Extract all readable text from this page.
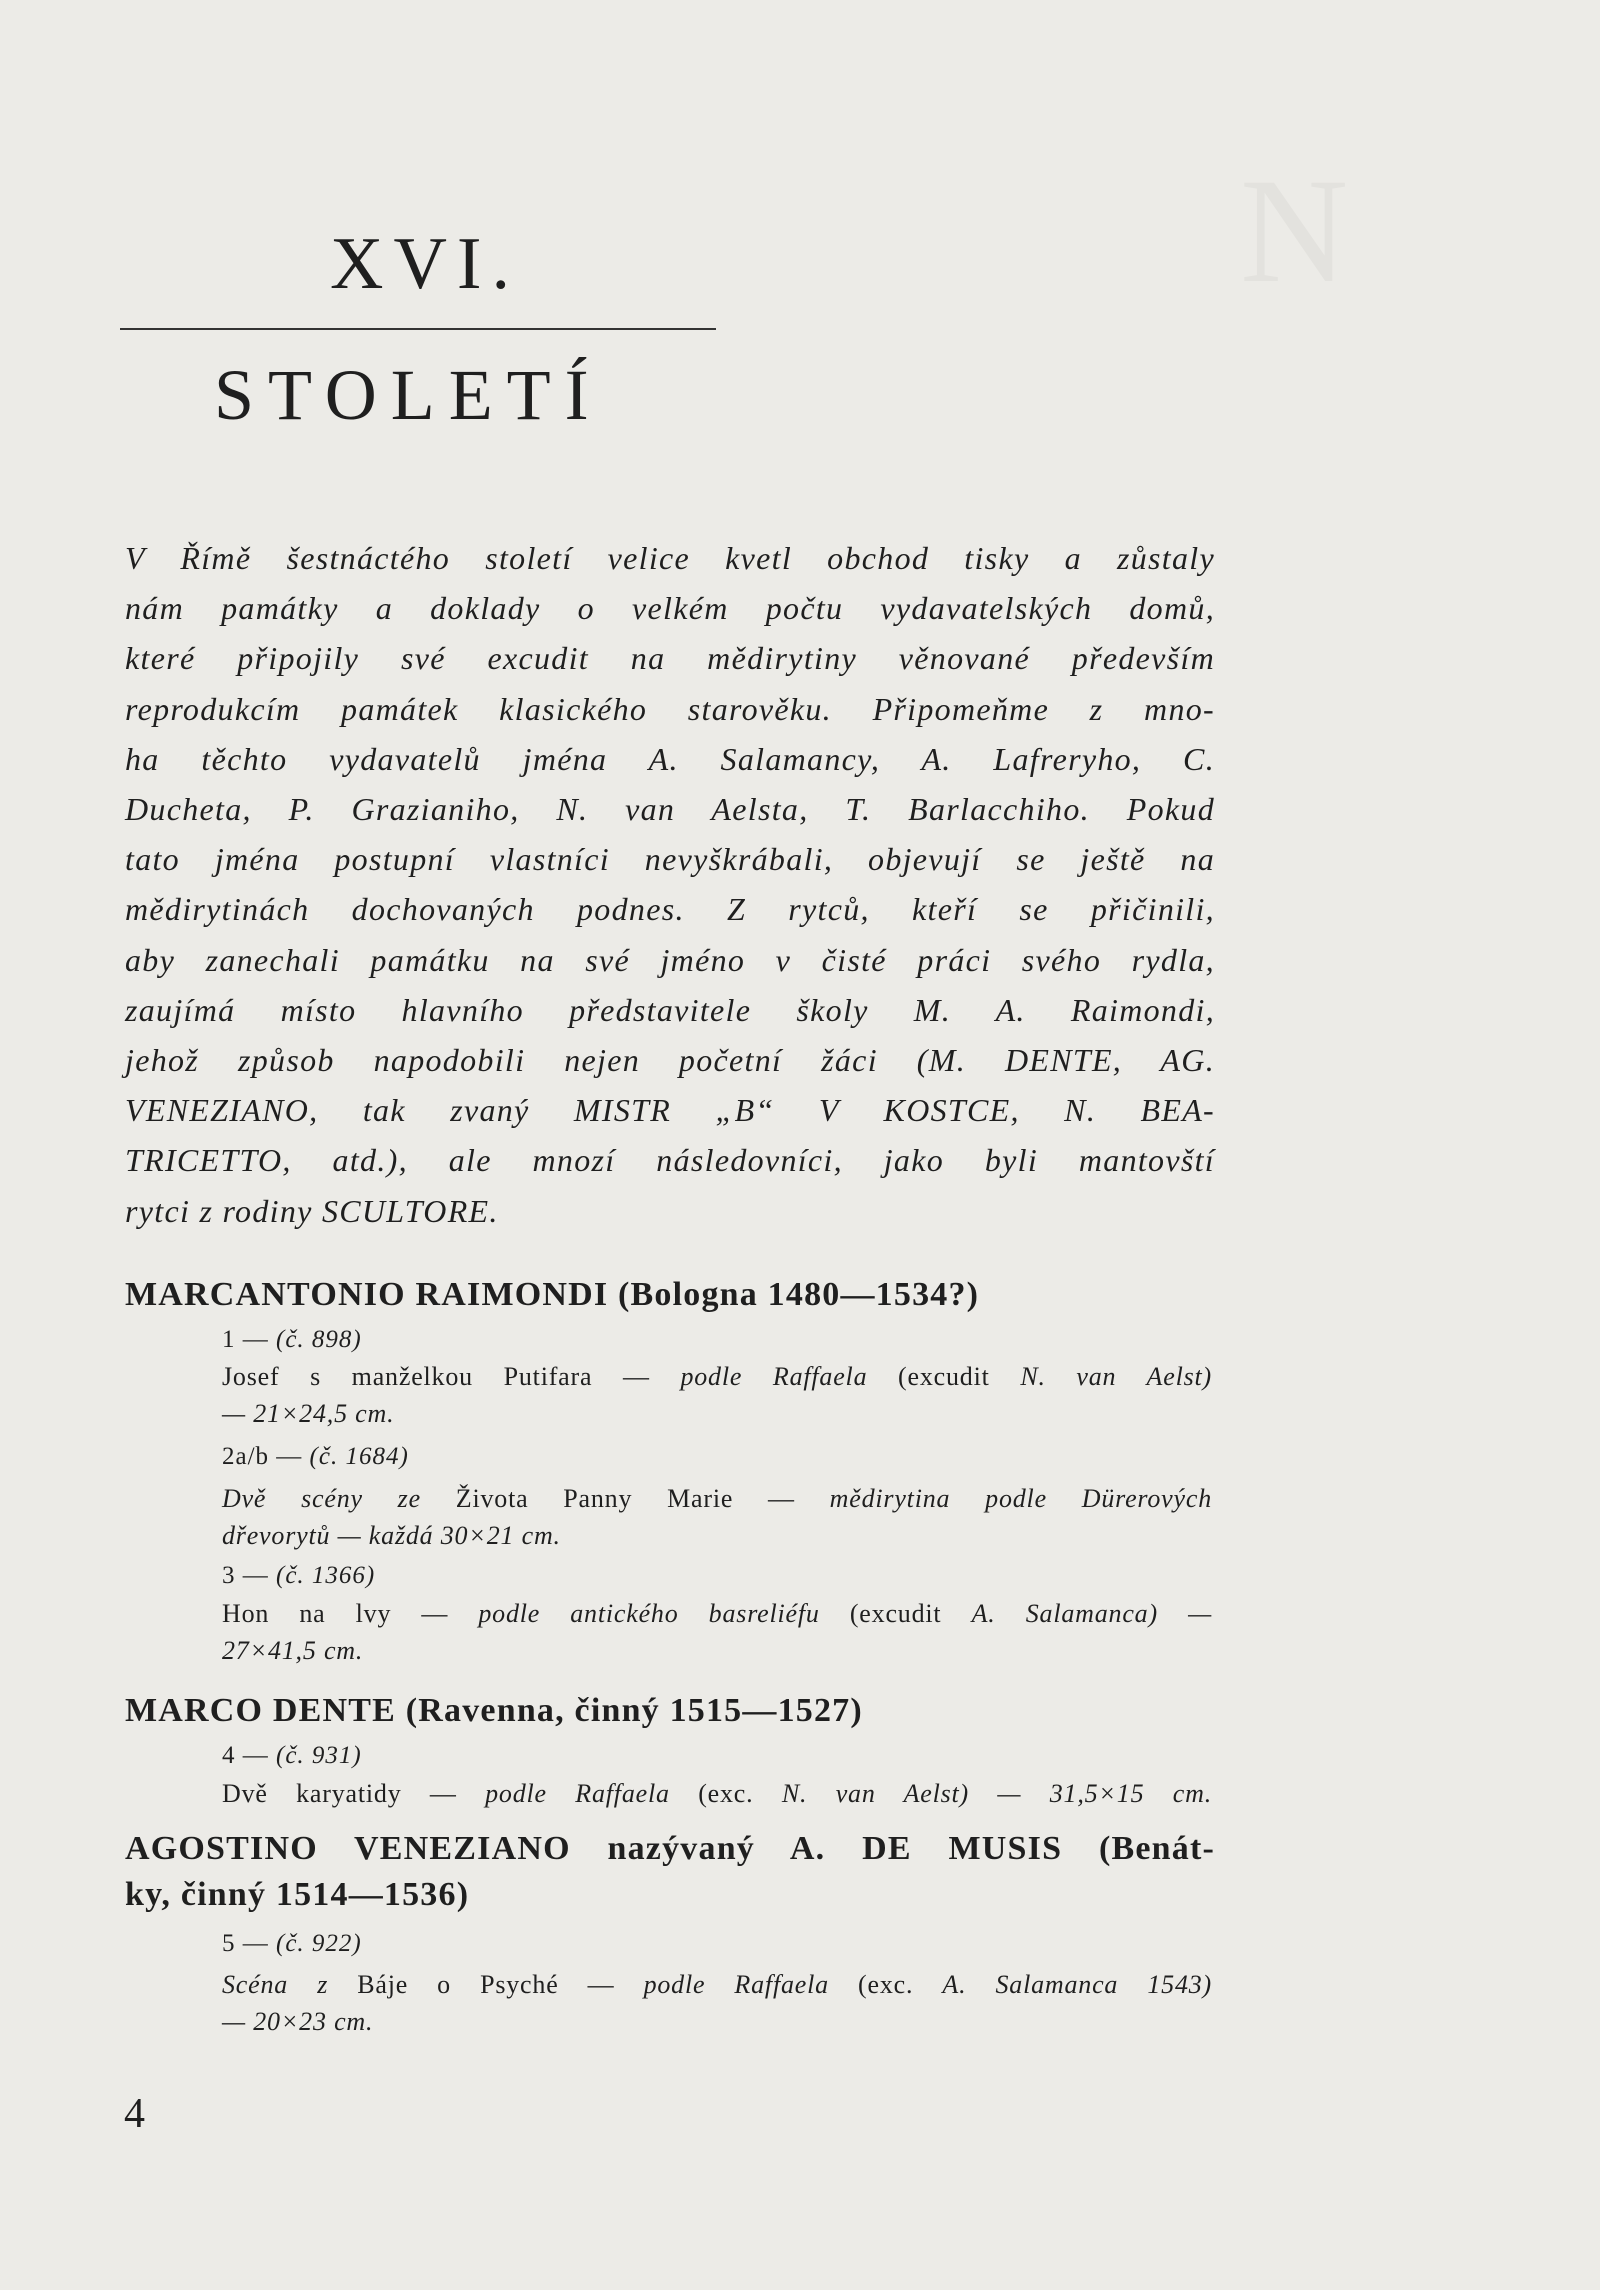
N
XVI.
STOLETÍ

V Římě šestnáctého století velice kvetl obchod tisky a zůstaly
nám památky a doklady o velkém počtu vydavatelských domů,
které připojily své excudit na mědirytiny věnované především
reprodukcím památek klasického starověku. Připomeňme z mno-
ha těchto vydavatelů jména A. Salamancy, A. Lafreryho, C.
Ducheta, P. Grazianiho, N. van Aelsta, T. Barlacchiho. Pokud
tato jména postupní vlastníci nevyškrábali, objevují se ještě na
mědirytinách dochovaných podnes. Z rytců, kteří se přičinili,
aby zanechali památku na své jméno v čisté práci svého rydla,
zaujímá místo hlavního představitele školy M. A. Raimondi,
jehož způsob napodobili nejen početní žáci (M. DENTE, AG.
VENEZIANO, tak zvaný MISTR „B“ V KOSTCE, N. BEA-
TRICETTO, atd.), ale mnozí následovníci, jako byli mantovští
rytci z rodiny SCULTORE.

MARCANTONIO RAIMONDI (Bologna 1480—1534?)
1 — (č. 898)

Josef s manželkou Putifara — podle Raffaela (excudit N. van Aelst)
— 21×24,5 cm.

2a/b — (č. 1684)

Dvě scény ze Života Panny Marie — mědirytina podle Dürerových
dřevorytů — každá 30×21 cm.

3 — (č. 1366)

Hon na lvy — podle antického basreliéfu (excudit A. Salamanca) —
27×41,5 cm.

MARCO DENTE (Ravenna, činný 1515—1527)
4 — (č. 931)

Dvě karyatidy — podle Raffaela (exc. N. van Aelst) — 31,5×15 cm.

AGOSTINO VENEZIANO nazývaný A. DE MUSIS (Benát-
ky, činný 1514—1536)
5 — (č. 922)

Scéna z Báje o Psyché — podle Raffaela (exc. A. Salamanca 1543)
— 20×23 cm.

4
